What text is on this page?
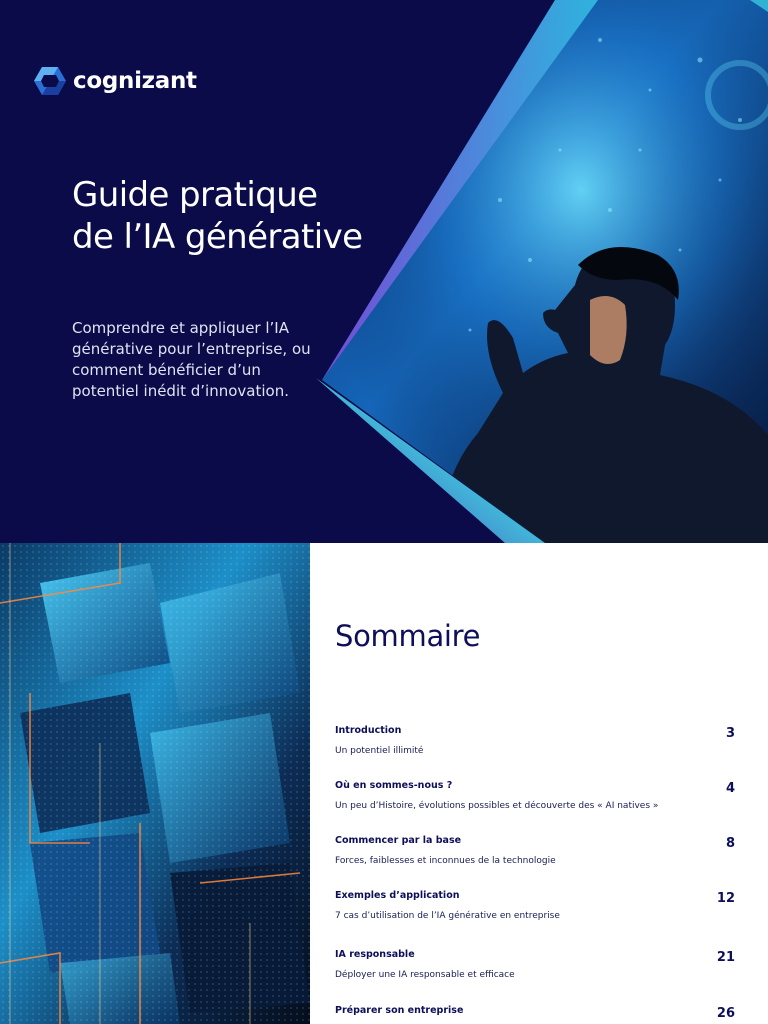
cognizant
Guide pratique
de l’IA générative

Comprendre et appliquer l’IA générative pour l’entreprise, ou comment bénéficier d’un potentiel inédit d’innovation.

Sommaire
Introduction
Un potentiel illimité
3
Où en sommes-nous ?
Un peu d’Histoire, évolutions possibles et découverte des « AI natives »
4
Commencer par la base
Forces, faiblesses et inconnues de la technologie
8
Exemples d’application
7 cas d’utilisation de l’IA générative en entreprise
12
IA responsable
Déployer une IA responsable et efficace
21
Préparer son entreprise	26
